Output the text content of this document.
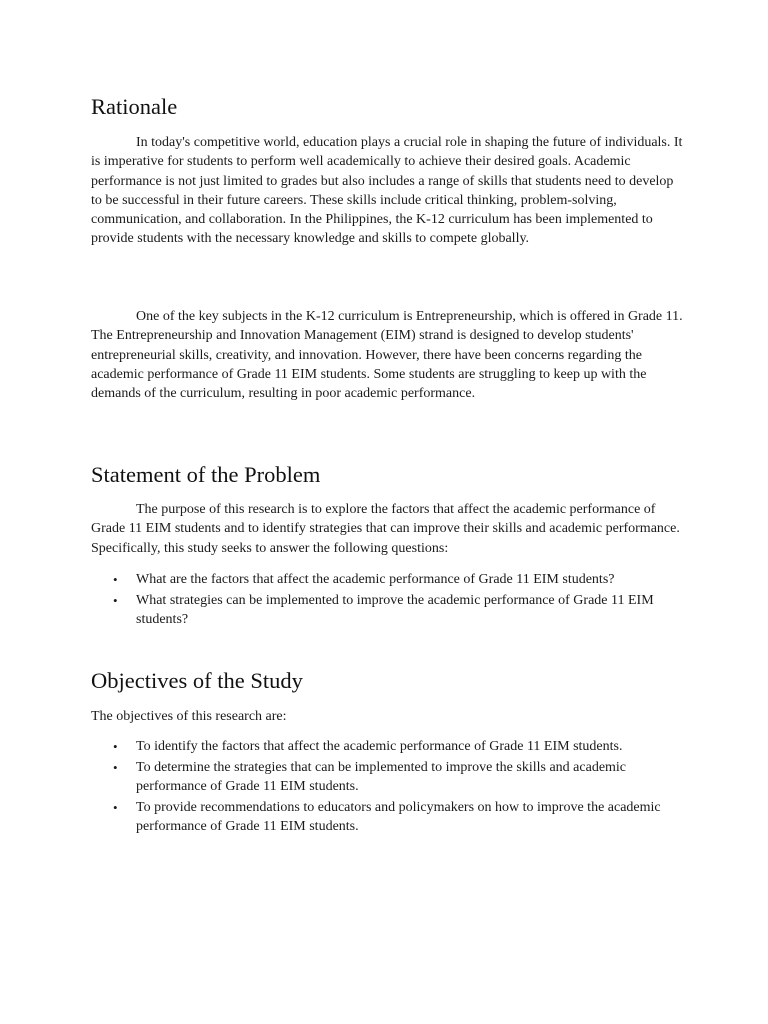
Rationale

In today's competitive world, education plays a crucial role in shaping the future of individuals. It is imperative for students to perform well academically to achieve their desired goals. Academic performance is not just limited to grades but also includes a range of skills that students need to develop to be successful in their future careers. These skills include critical thinking, problem-solving, communication, and collaboration. In the Philippines, the K-12 curriculum has been implemented to provide students with the necessary knowledge and skills to compete globally.

One of the key subjects in the K-12 curriculum is Entrepreneurship, which is offered in Grade 11. The Entrepreneurship and Innovation Management (EIM) strand is designed to develop students' entrepreneurial skills, creativity, and innovation. However, there have been concerns regarding the academic performance of Grade 11 EIM students. Some students are struggling to keep up with the demands of the curriculum, resulting in poor academic performance.

Statement of the Problem

The purpose of this research is to explore the factors that affect the academic performance of Grade 11 EIM students and to identify strategies that can improve their skills and academic performance. Specifically, this study seeks to answer the following questions:

• What are the factors that affect the academic performance of Grade 11 EIM students?
• What strategies can be implemented to improve the academic performance of Grade 11 EIM students?
Objectives of the Study

The objectives of this research are:

• To identify the factors that affect the academic performance of Grade 11 EIM students.
• To determine the strategies that can be implemented to improve the skills and academic performance of Grade 11 EIM students.
• To provide recommendations to educators and policymakers on how to improve the academic performance of Grade 11 EIM students.
